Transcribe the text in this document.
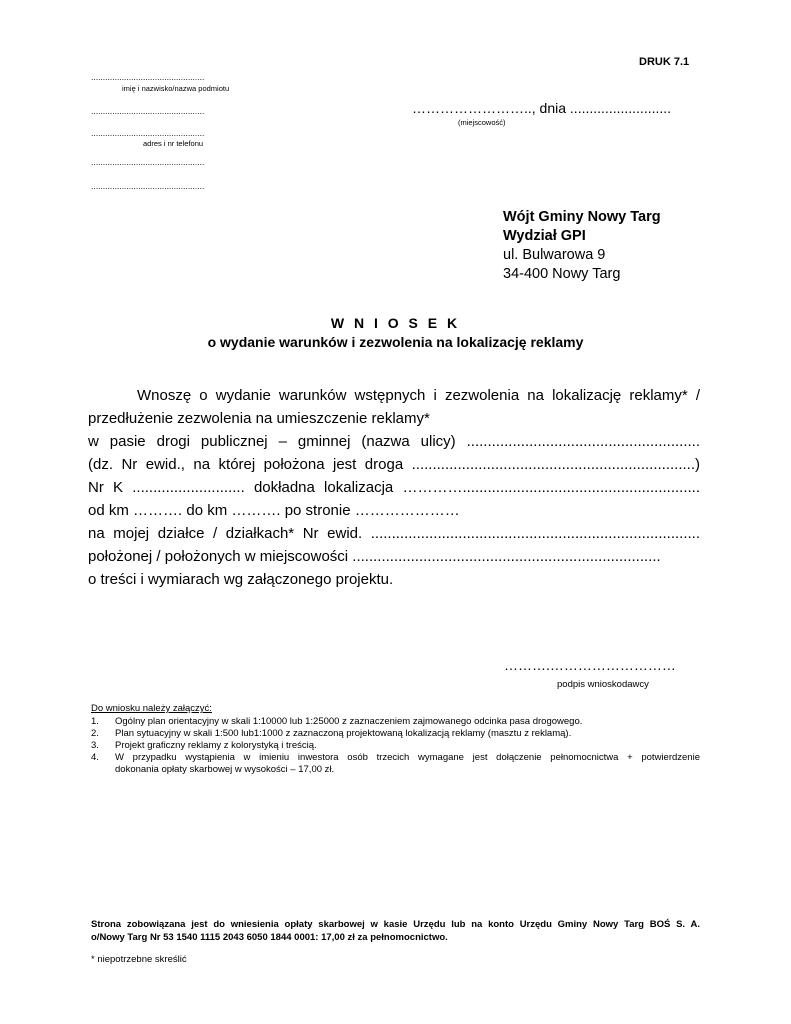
DRUK 7.1
................................................
imię i nazwisko/nazwa podmiotu
................................................
................................................
adres i nr telefonu
................................................
................................................
…………………….., dnia ..........................
(miejscowość)
Wójt Gminy Nowy Targ
Wydział GPI
ul. Bulwarowa 9
34-400 Nowy Targ
W N I O S E K
o wydanie warunków i zezwolenia na lokalizację reklamy
Wnoszę o wydanie warunków wstępnych i zezwolenia na lokalizację reklamy* /
przedłużenie zezwolenia na umieszczenie reklamy*
w pasie drogi publicznej – gminnej (nazwa ulicy) ........................................................
(dz. Nr ewid., na której położona jest droga ....................................................................)
Nr K ........................... dokładna lokalizacja ………….........................................................
od km ………. do km ………. po stronie …………………
na mojej działce / działkach* Nr ewid. ...............................................................................
położonej / położonych w miejscowości ..........................................................................
o treści i wymiarach wg załączonego projektu.
……….………………………
podpis wnioskodawcy
Do wniosku należy załączyć:
1. Ogólny plan orientacyjny w skali 1:10000 lub 1:25000 z zaznaczeniem zajmowanego odcinka pasa drogowego.
2. Plan sytuacyjny w skali 1:500 lub1:1000 z zaznaczoną projektowaną lokalizacją reklamy (masztu z reklamą).
3. Projekt graficzny reklamy z kolorystyką i treścią.
4. W przypadku wystąpienia w imieniu inwestora osób trzecich wymagane jest dołączenie pełnomocnictwa + potwierdzenie
dokonania opłaty skarbowej w wysokości – 17,00 zł.
Strona zobowiązana jest do wniesienia opłaty skarbowej w kasie Urzędu lub na konto Urzędu Gminy Nowy Targ BOŚ S. A.
o/Nowy Targ Nr 53 1540 1115 2043 6050 1844 0001: 17,00 zł za pełnomocnictwo.
* niepotrzebne skreślić
